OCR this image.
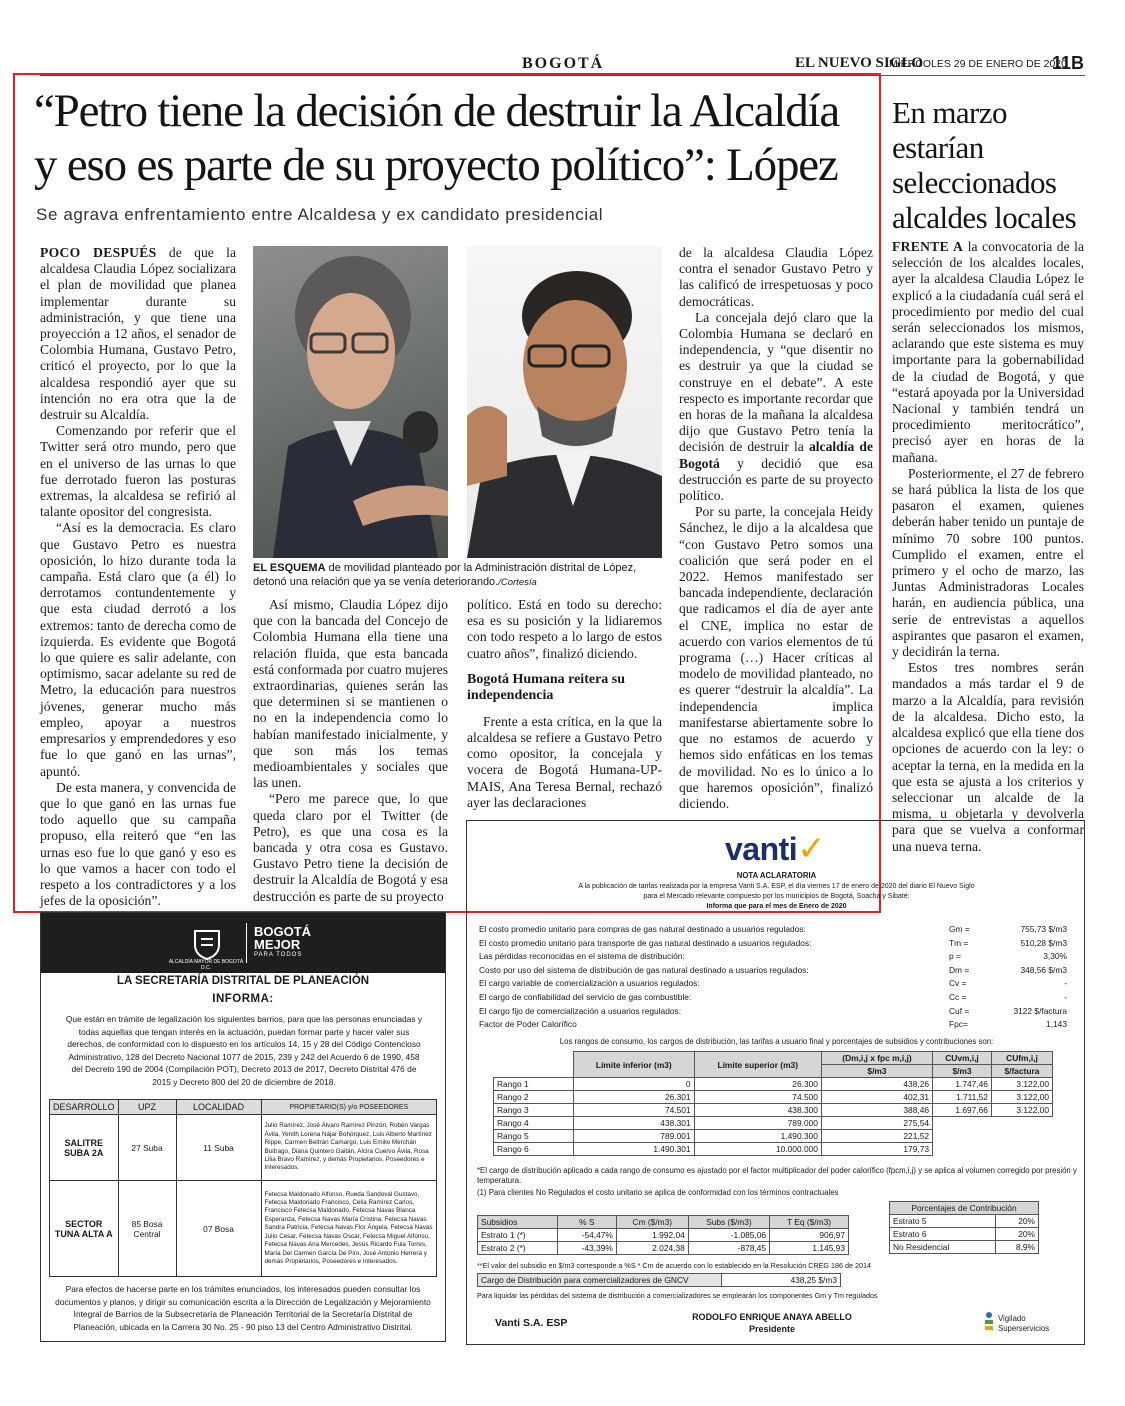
BOGOTÁ	EL NUEVO SIGLO
MIÉRCOLES 29 DE ENERO DE 2020
11B
“Petro tiene la decisión de destruir la Alcaldía
y eso es parte de su proyecto político”: López
Se agrava enfrentamiento entre Alcaldesa y ex candidato presidencial

POCO DESPUÉS de que la alcaldesa Claudia López socializara el plan de movilidad que planea implementar durante su administración, y que tiene una proyección a 12 años, el senador de Colombia Humana, Gustavo Petro, criticó el proyecto, por lo que la alcaldesa respondió ayer que su intención no era otra que la de destruir su Alcaldía.

Comenzando por referir que el Twitter será otro mundo, pero que en el universo de las urnas lo que fue derrotado fueron las posturas extremas, la alcaldesa se refirió al talante opositor del congresista.

“Así es la democracia. Es claro que Gustavo Petro es nuestra oposición, lo hizo durante toda la campaña. Está claro que (a él) lo derrotamos contundentemente y que esta ciudad derrotó a los extremos: tanto de derecha como de izquierda. Es evidente que Bogotá lo que quiere es salir adelante, con optimismo, sacar adelante su red de Metro, la educación para nuestros jóvenes, generar mucho más empleo, apoyar a nuestros empresarios y emprendedores y eso fue lo que ganó en las urnas”, apuntó.

De esta manera, y convencida de que lo que ganó en las urnas fue todo aquello que su campaña propuso, ella reiteró que “en las urnas eso fue lo que ganó y eso es lo que vamos a hacer con todo el respeto a los contradictores y a los jefes de la oposición”.

EL ESQUEMA de movilidad planteado por la Administración distrital de López, detonó una relación que ya se venía deteriorando./Cortesía

Así mismo, Claudia López dijo que con la bancada del Concejo de Colombia Humana ella tiene una relación fluida, que esta bancada está conformada por cuatro mujeres extraordinarias, quienes serán las que determinen si se mantienen o no en la independencia como lo habían manifestado inicialmente, y que son más los temas medioambientales y sociales que las unen.

“Pero me parece que, lo que queda claro por el Twitter (de Petro), es que una cosa es la bancada y otra cosa es Gustavo. Gustavo Petro tiene la decisión de destruir la Alcaldía de Bogotá y esa destrucción es parte de su proyecto

político. Está en todo su derecho: esa es su posición y la lidiaremos con todo respeto a lo largo de estos cuatro años”, finalizó diciendo.

Bogotá Humana reitera su independencia

Frente a esta crítica, en la que la alcaldesa se refiere a Gustavo Petro como opositor, la concejala y vocera de Bogotá Humana-UP-MAIS, Ana Teresa Bernal, rechazó ayer las declaraciones

de la alcaldesa Claudia López contra el senador Gustavo Petro y las calificó de irrespetuosas y poco democráticas.

La concejala dejó claro que la Colombia Humana se declaró en independencia, y “que disentir no es destruir ya que la ciudad se construye en el debate”. A este respecto es importante recordar que en horas de la mañana la alcaldesa dijo que Gustavo Petro tenía la decisión de destruir la alcaldía de Bogotá y decidió que esa destrucción es parte de su proyecto político.

Por su parte, la concejala Heidy Sánchez, le dijo a la alcaldesa que “con Gustavo Petro somos una coalición que será poder en el 2022. Hemos manifestado ser bancada independiente, declaración que radicamos el día de ayer ante el CNE, implica no estar de acuerdo con varios elementos de tú programa (…) Hacer críticas al modelo de movilidad planteado, no es querer “destruir la alcaldía”. La independencia implica manifestarse abiertamente sobre lo que no estamos de acuerdo y hemos sido enfáticas en los temas de movilidad. No es lo único a lo que haremos oposición”, finalizó diciendo.

En marzo estarían seleccionados alcaldes locales

FRENTE A la convocatoria de la selección de los alcaldes locales, ayer la alcaldesa Claudia López le explicó a la ciudadanía cuál será el procedimiento por medio del cual serán seleccionados los mismos, aclarando que este sistema es muy importante para la gobernabilidad de la ciudad de Bogotá, y que “estará apoyada por la Universidad Nacional y también tendrá un procedimiento meritocrático”, precisó ayer en horas de la mañana.

Posteriormente, el 27 de febrero se hará pública la lista de los que pasaron el examen, quienes deberán haber tenido un puntaje de mínimo 70 sobre 100 puntos. Cumplido el examen, entre el primero y el ocho de marzo, las Juntas Administradoras Locales harán, en audiencia pública, una serie de entrevistas a aquellos aspirantes que pasaron el examen, y decidirán la terna.

Estos tres nombres serán mandados a más tardar el 9 de marzo a la Alcaldía, para revisión de la alcaldesa. Dicho esto, la alcaldesa explicó que ella tiene dos opciones de acuerdo con la ley: o aceptar la terna, en la medida en la que esta se ajusta a los criterios y seleccionar un alcalde de la misma, u objetarla y devolverla para que se vuelva a conformar una nueva terna.

ALCALDÍA MAYOR DE BOGOTÁ D.C.
BOGOTÁ MEJOR
PARA TODOS
LA SECRETARÍA DISTRITAL DE PLANEACIÓN
INFORMA:
Que están en trámite de legalización los siguientes barrios, para que las personas enunciadas y todas aquellas que tengan interés en la actuación, puedan formar parte y hacer valer sus derechos, de conformidad con lo dispuesto en los artículos 14, 15 y 28 del Código Contencioso Administrativo, 128 del Decreto Nacional 1077 de 2015, 239 y 242 del Acuerdo 6 de 1990, 458 del Decreto 190 de 2004 (Compilación POT), Decreto 2013 de 2017, Decreto Distrital 476 de 2015 y Decreto 800 del 20 de diciembre de 2018.
DESARROLLO	UPZ	LOCALIDAD	PROPIETARIO(S) y/o POSEEDORES
SALITRE SUBA 2A	27 Suba	11 Suba	Julio Ramírez, José Álvaro Ramírez Pinzón, Robén Vargas Ávila, Yenith Lorena Nájar Bohórquez, Luis Alberto Martínez Rippe, Carmen Beltrán Camargo, Luis Emilio Merchán Buitrago, Diana Quintero Gaitán, Alcira Cuervo Ávila, Rosa Lilia Bravo Ramírez, y demás Propietarios, Poseedores e Interesados.
SECTOR TUNA ALTA A	85 Bosa Central	07 Bosa	Fetecsa Maldonado Alfonso, Rueda Sandoval Gustavo, Fetecsa Maldonado Francisco, Celia Ramírez Carlos, Francisco Fetecsa Maldonado, Fetecsa Navas Blanca Esperanza, Fetecsa Navas María Cristina, Fetecsa Navas Sandra Patricia, Fetecsa Navas Flor Ángela, Fetecsa Navas Julio Cesar, Fetecsa Navas Oscar, Fetecsa Miguel Alfonso, Fetecsa Navas Ana Mercedes, Jesús Ricardo Fula Torres, María Del Carmen García De Piro, José Antonio Herrera y demás Propietarios, Poseedores e Interesados.
Para efectos de hacerse parte en los trámites enunciados, los interesados pueden consultar los documentos y planos, y dirigir su comunicación escrita a la Dirección de Legalización y Mejoramiento Integral de Barrios de la Subsecretaría de Planeación Territorial de la Secretaría Distrital de Planeación, ubicada en la Carrera 30 No. 25 - 90 piso 13 del Centro Administrativo Distrital.
vanti✓
NOTA ACLARATORIA
A la publicación de tarifas realizada por la empresa Vanti S.A. ESP, el día viernes 17 de enero de 2020 del diario El Nuevo Siglo
para el Mercado relevante compuesto por los municipios de Bogotá, Soacha y Sibaté:
Informa que para el mes de Enero de 2020
El costo promedio unitario para compras de gas natural destinado a usuarios regulados:	Gm =	755,73 $/m3
El costo promedio unitario para transporte de gas natural destinado a usuarios regulados:	Tm =	510,28 $/m3
Las pérdidas reconocidas en el sistema de distribución:	p =	3,30%
Costo por uso del sistema de distribución de gas natural destinado a usuarios regulados:	Dm =	348,56 $/m3
El cargo variable de comercialización a usuarios regulados:	Cv =	-
El cargo de confiabilidad del servicio de gas combustible:	Cc =	-
El cargo fijo de comercialización a usuarios regulados:	Cuf =	3122 $/factura
Factor de Poder Calorífico	Fpc=	1,143
Los rangos de consumo, los cargos de distribución, las tarifas a usuario final y porcentajes de subsidios y contribuciones son:
	Límite inferior (m3)	Límite superior (m3)	(Dm,i,j x fpc m,i,j)	CUvm,i,j	CUfm,i,j
			$/m3	$/m3	$/factura
Rango 1	0	26.300	438,26	1.747,46	3.122,00
Rango 2	26.301	74.500	402,31	1.711,52	3.122,00
Rango 3	74.501	438.300	388,46	1.697,66	3.122,00
Rango 4	438.301	789.000	275,54		
Rango 5	789.001	1.490.300	221,52		
Rango 6	1.490.301	10.000.000	179,73		
*El cargo de distribución aplicado a cada rango de consumo es ajustado por el factor multiplicador del poder calorífico (fpcm,i,j) y se aplica al volumen corregido por presión y temperatura.
(1) Para clientes No Regulados el costo unitario se aplica de conformidad con los términos contractuales
Subsidios	% S	Cm ($/m3)	Subs ($/m3)	T Eq ($/m3)
Estrato 1 (*)	-54,47%	1.992,04	-1.085,06	906,97
Estrato 2 (*)	-43,39%	2.024,38	-878,45	1.145,93
Porcentajes de Contribución	
Estrato 5	20%
Estrato 6	20%
No Residencial	8,9%
**El valor del subsidio en $/m3 corresponde a %S * Cm de acuerdo con lo establecido en la Resolución CREG 186 de 2014
Cargo de Distribución para comercializadores de GNCV	438,25 $/m3
Para liquidar las pérdidas del sistema de distribución a comercializadores se emplearán los componentes Gm y Tm regulados
Vanti S.A. ESP	RODOLFO ENRIQUE ANAYA ABELLO
Presidente
Vigilado
Superservicios
